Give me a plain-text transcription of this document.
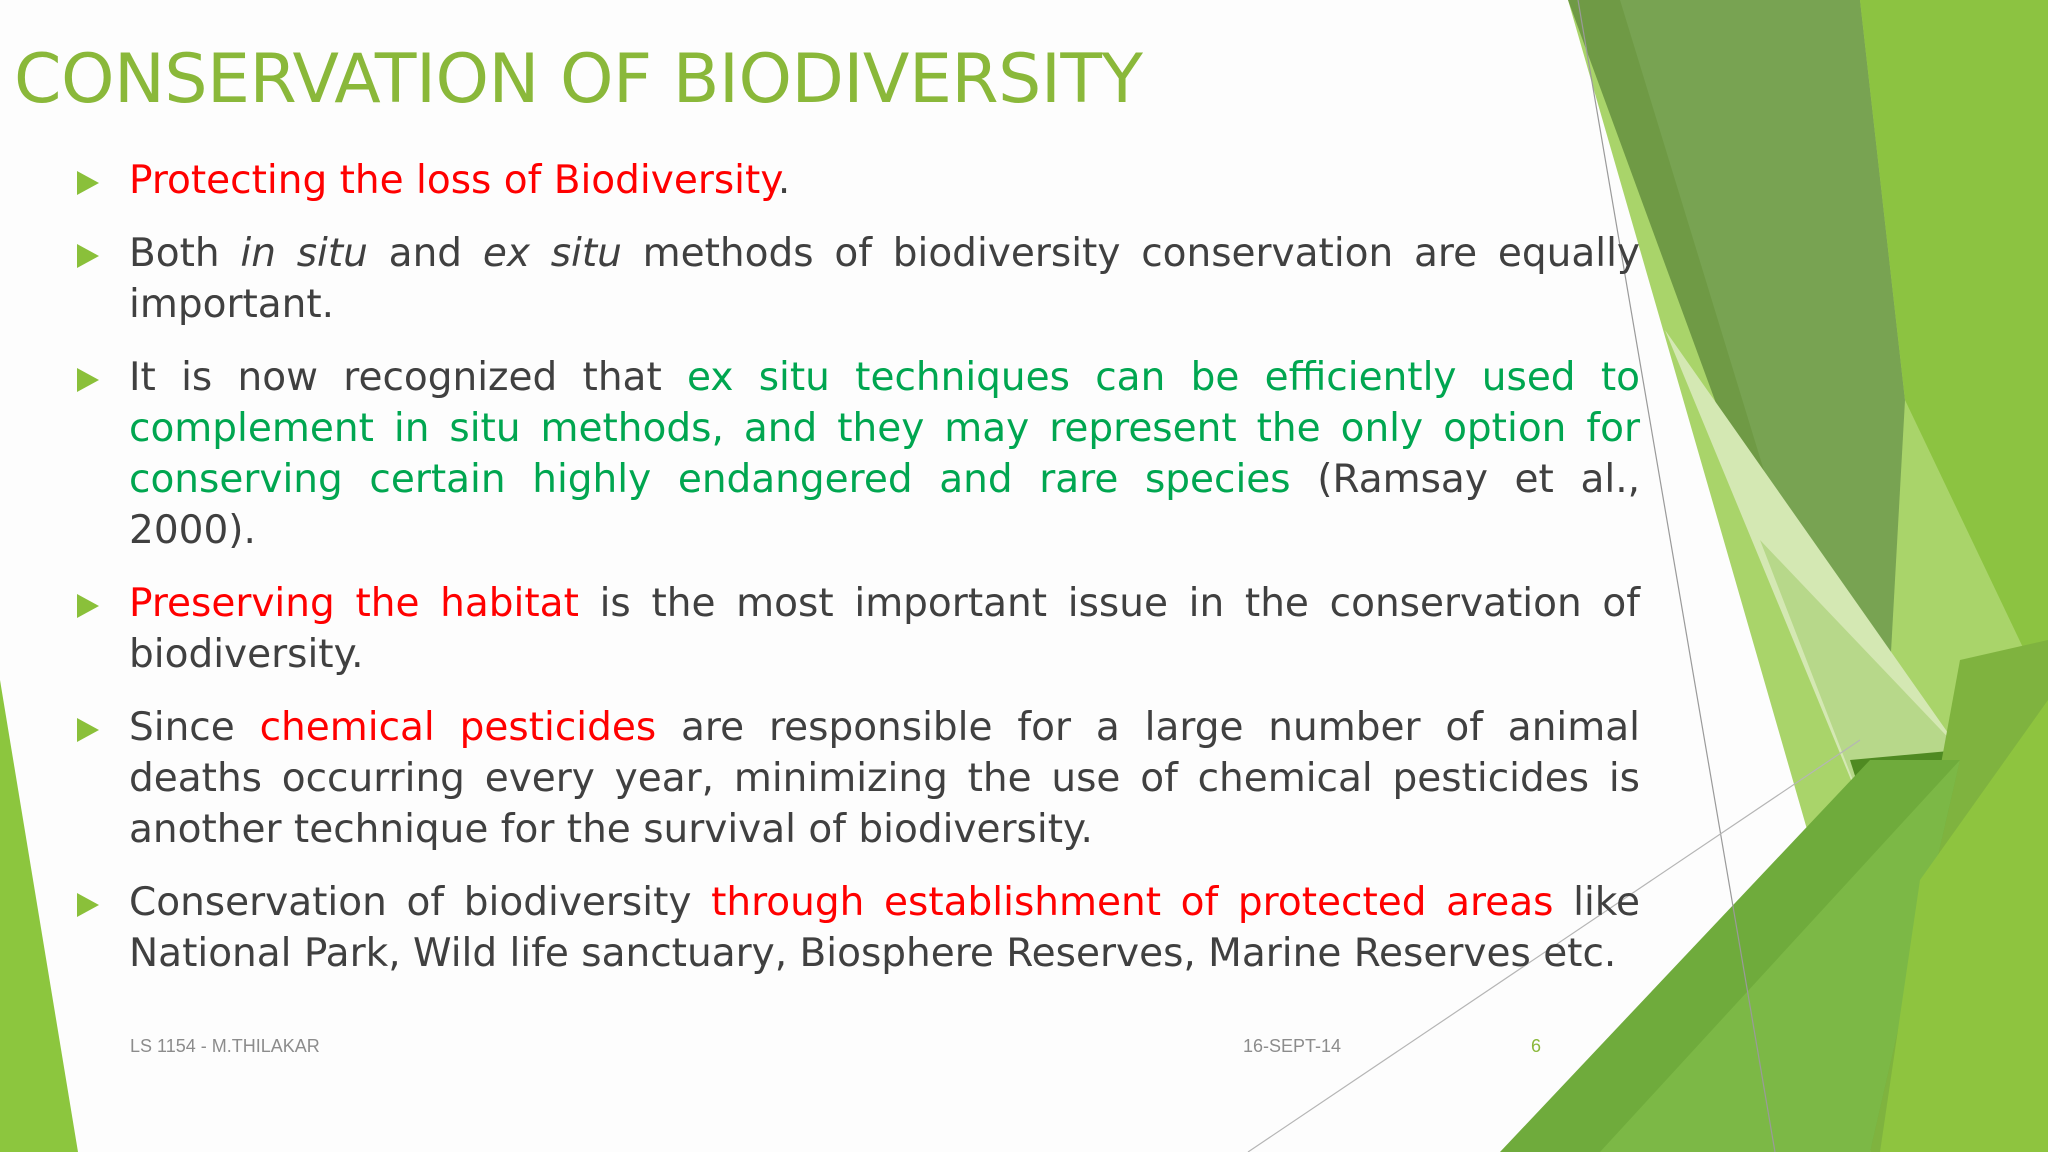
CONSERVATION OF BIODIVERSITY
Protecting the loss of Biodiversity.
Both in situ and ex situ methods of biodiversity conservation are equally important.
It is now recognized that ex situ techniques can be efficiently used to complement in situ methods, and they may represent the only option for conserving certain highly endangered and rare species (Ramsay et al., 2000).
Preserving the habitat is the most important issue in the conservation of biodiversity.
Since chemical pesticides are responsible for a large number of animal deaths occurring every year, minimizing the use of chemical pesticides is another technique for the survival of biodiversity.
Conservation of biodiversity through establishment of protected areas like National Park, Wild life sanctuary, Biosphere Reserves, Marine Reserves etc.
LS 1154 - M.THILAKAR	16-SEPT-14	6
